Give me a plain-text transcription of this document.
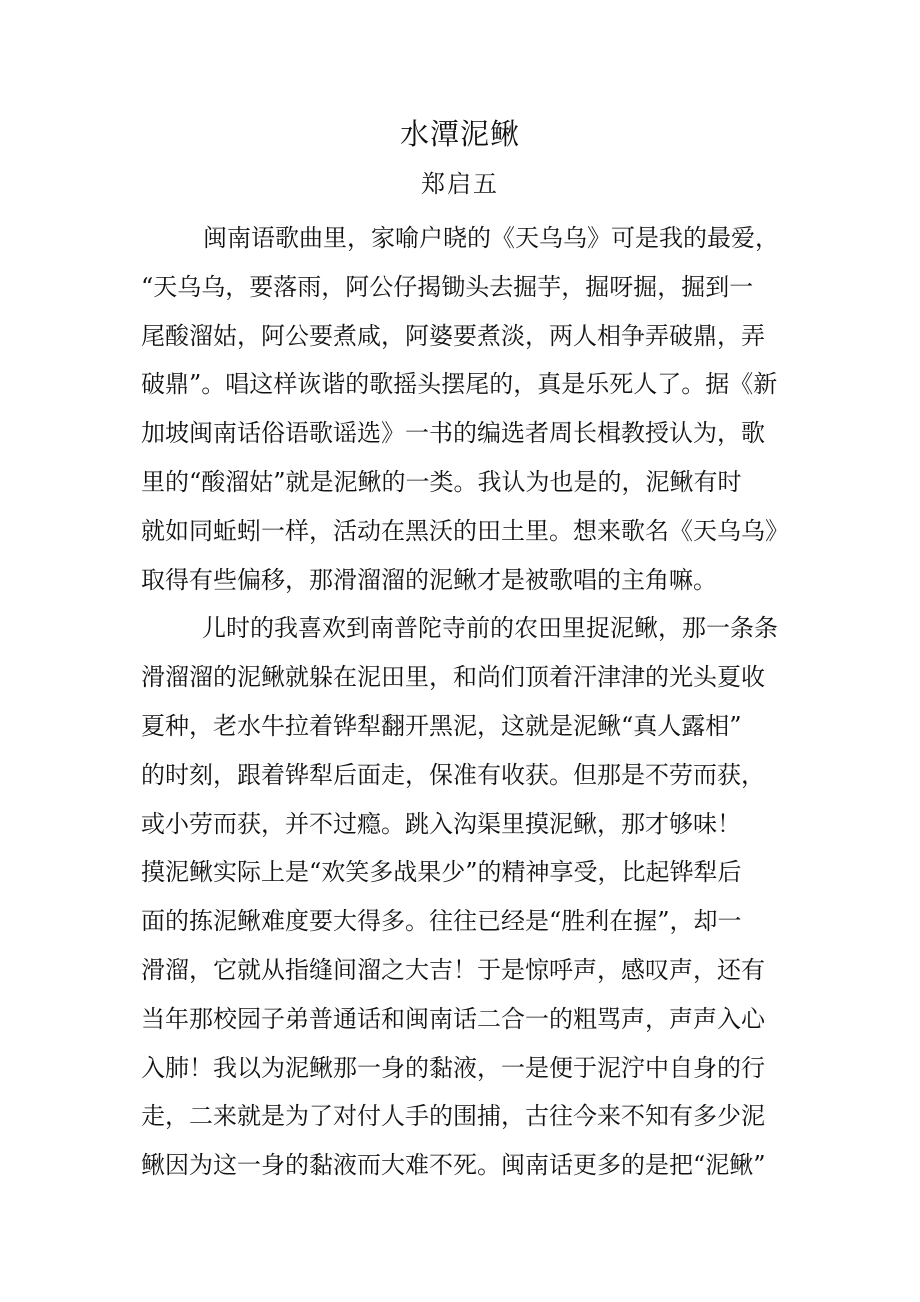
水潭泥鳅
郑启五
闽南语歌曲里，家喻户晓的《天乌乌》可是我的最爱，
“天乌乌，要落雨，阿公仔揭锄头去掘芋，掘呀掘，掘到一
尾酸溜姑，阿公要煮咸，阿婆要煮淡，两人相争弄破鼎，弄
破鼎”。唱这样诙谐的歌摇头摆尾的，真是乐死人了。据《新
加坡闽南话俗语歌谣选》一书的编选者周长楫教授认为，歌
里的“酸溜姑”就是泥鳅的一类。我认为也是的，泥鳅有时
就如同蚯蚓一样，活动在黑沃的田土里。想来歌名《天乌乌》
取得有些偏移，那滑溜溜的泥鳅才是被歌唱的主角嘛。
儿时的我喜欢到南普陀寺前的农田里捉泥鳅，那一条条
滑溜溜的泥鳅就躲在泥田里，和尚们顶着汗津津的光头夏收
夏种，老水牛拉着铧犁翻开黑泥，这就是泥鳅“真人露相”
的时刻，跟着铧犁后面走，保准有收获。但那是不劳而获，
或小劳而获，并不过瘾。跳入沟渠里摸泥鳅，那才够味！
摸泥鳅实际上是“欢笑多战果少”的精神享受，比起铧犁后
面的拣泥鳅难度要大得多。往往已经是“胜利在握”，却一
滑溜，它就从指缝间溜之大吉！于是惊呼声，感叹声，还有
当年那校园子弟普通话和闽南话二合一的粗骂声，声声入心
入肺！我以为泥鳅那一身的黏液，一是便于泥泞中自身的行
走，二来就是为了对付人手的围捕，古往今来不知有多少泥
鳅因为这一身的黏液而大难不死。闽南话更多的是把“泥鳅”
